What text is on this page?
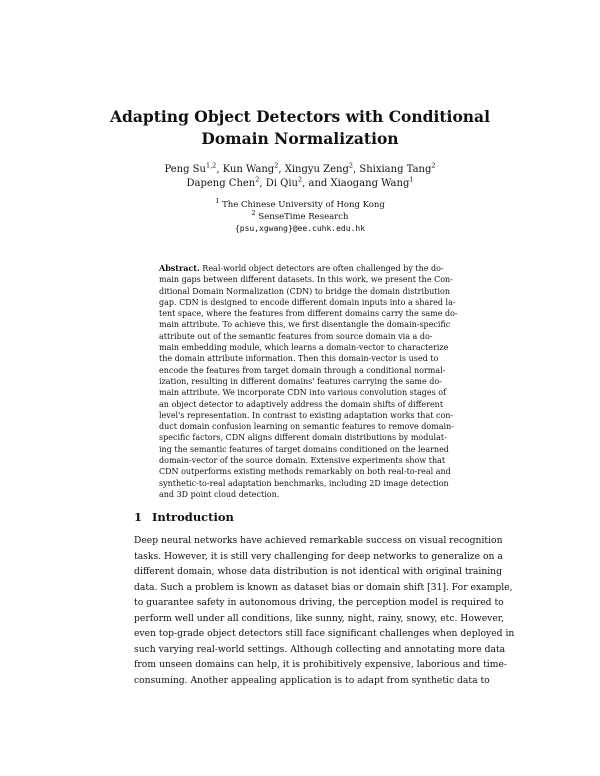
Adapting Object Detectors with Conditional
Domain Normalization
Peng Su$^{1,2}$, Kun Wang$^2$, Xingyu Zeng$^2$, Shixiang Tang$^2$
Dapeng Chen$^2$, Di Qiu$^2$, and Xiaogang Wang$^1$
$^1$ The Chinese University of Hong Kong
$^2$ SenseTime Research
{psu,xgwang}@ee.cuhk.edu.hk
Abstract. Real-world object detectors are often challenged by the do-
main gaps between different datasets. In this work, we present the Con-
ditional Domain Normalization (CDN) to bridge the domain distribution
gap. CDN is designed to encode different domain inputs into a shared la-
tent space, where the features from different domains carry the same do-
main attribute. To achieve this, we first disentangle the domain-specific
attribute out of the semantic features from source domain via a do-
main embedding module, which learns a domain-vector to characterize
the domain attribute information. Then this domain-vector is used to
encode the features from target domain through a conditional normal-
ization, resulting in different domains' features carrying the same do-
main attribute. We incorporate CDN into various convolution stages of
an object detector to adaptively address the domain shifts of different
level's representation. In contrast to existing adaptation works that con-
duct domain confusion learning on semantic features to remove domain-
specific factors, CDN aligns different domain distributions by modulat-
ing the semantic features of target domains conditioned on the learned
domain-vector of the source domain. Extensive experiments show that
CDN outperforms existing methods remarkably on both real-to-real and
synthetic-to-real adaptation benchmarks, including 2D image detection
and 3D point cloud detection.
1 Introduction
Deep neural networks have achieved remarkable success on visual recognition
tasks. However, it is still very challenging for deep networks to generalize on a
different domain, whose data distribution is not identical with original training
data. Such a problem is known as dataset bias or domain shift [31]. For example,
to guarantee safety in autonomous driving, the perception model is required to
perform well under all conditions, like sunny, night, rainy, snowy, etc. However,
even top-grade object detectors still face significant challenges when deployed in
such varying real-world settings. Although collecting and annotating more data
from unseen domains can help, it is prohibitively expensive, laborious and time-
consuming. Another appealing application is to adapt from synthetic data to
